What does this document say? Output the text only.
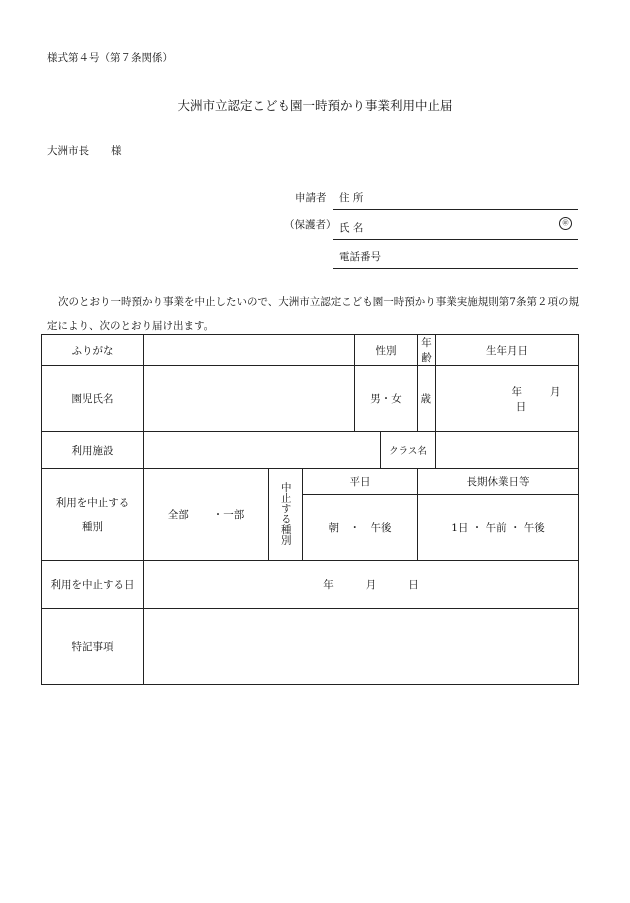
様式第４号（第７条関係）
大洲市立認定こども園一時預かり事業利用中止届
大洲市長 様
申請者 住 所
（保護者） 氏 名	㊞
電話番号
次のとおり一時預かり事業を中止したいので、大洲市立認定こども園一時預かり事業実施規則第7条第２項の規
定により、次のとおり届け出ます。
ふりがな				性別		年齢	生年月日
園児氏名				男・女		歳	年 月日
利用施設					クラス名		
利用を中止する
種別	全部 ・一部	中止する種別	平日			長期休業日等	
			朝　・　午後			1日 ・ 午前 ・ 午後	
利用を中止する日	年 月 日						
特記事項							
